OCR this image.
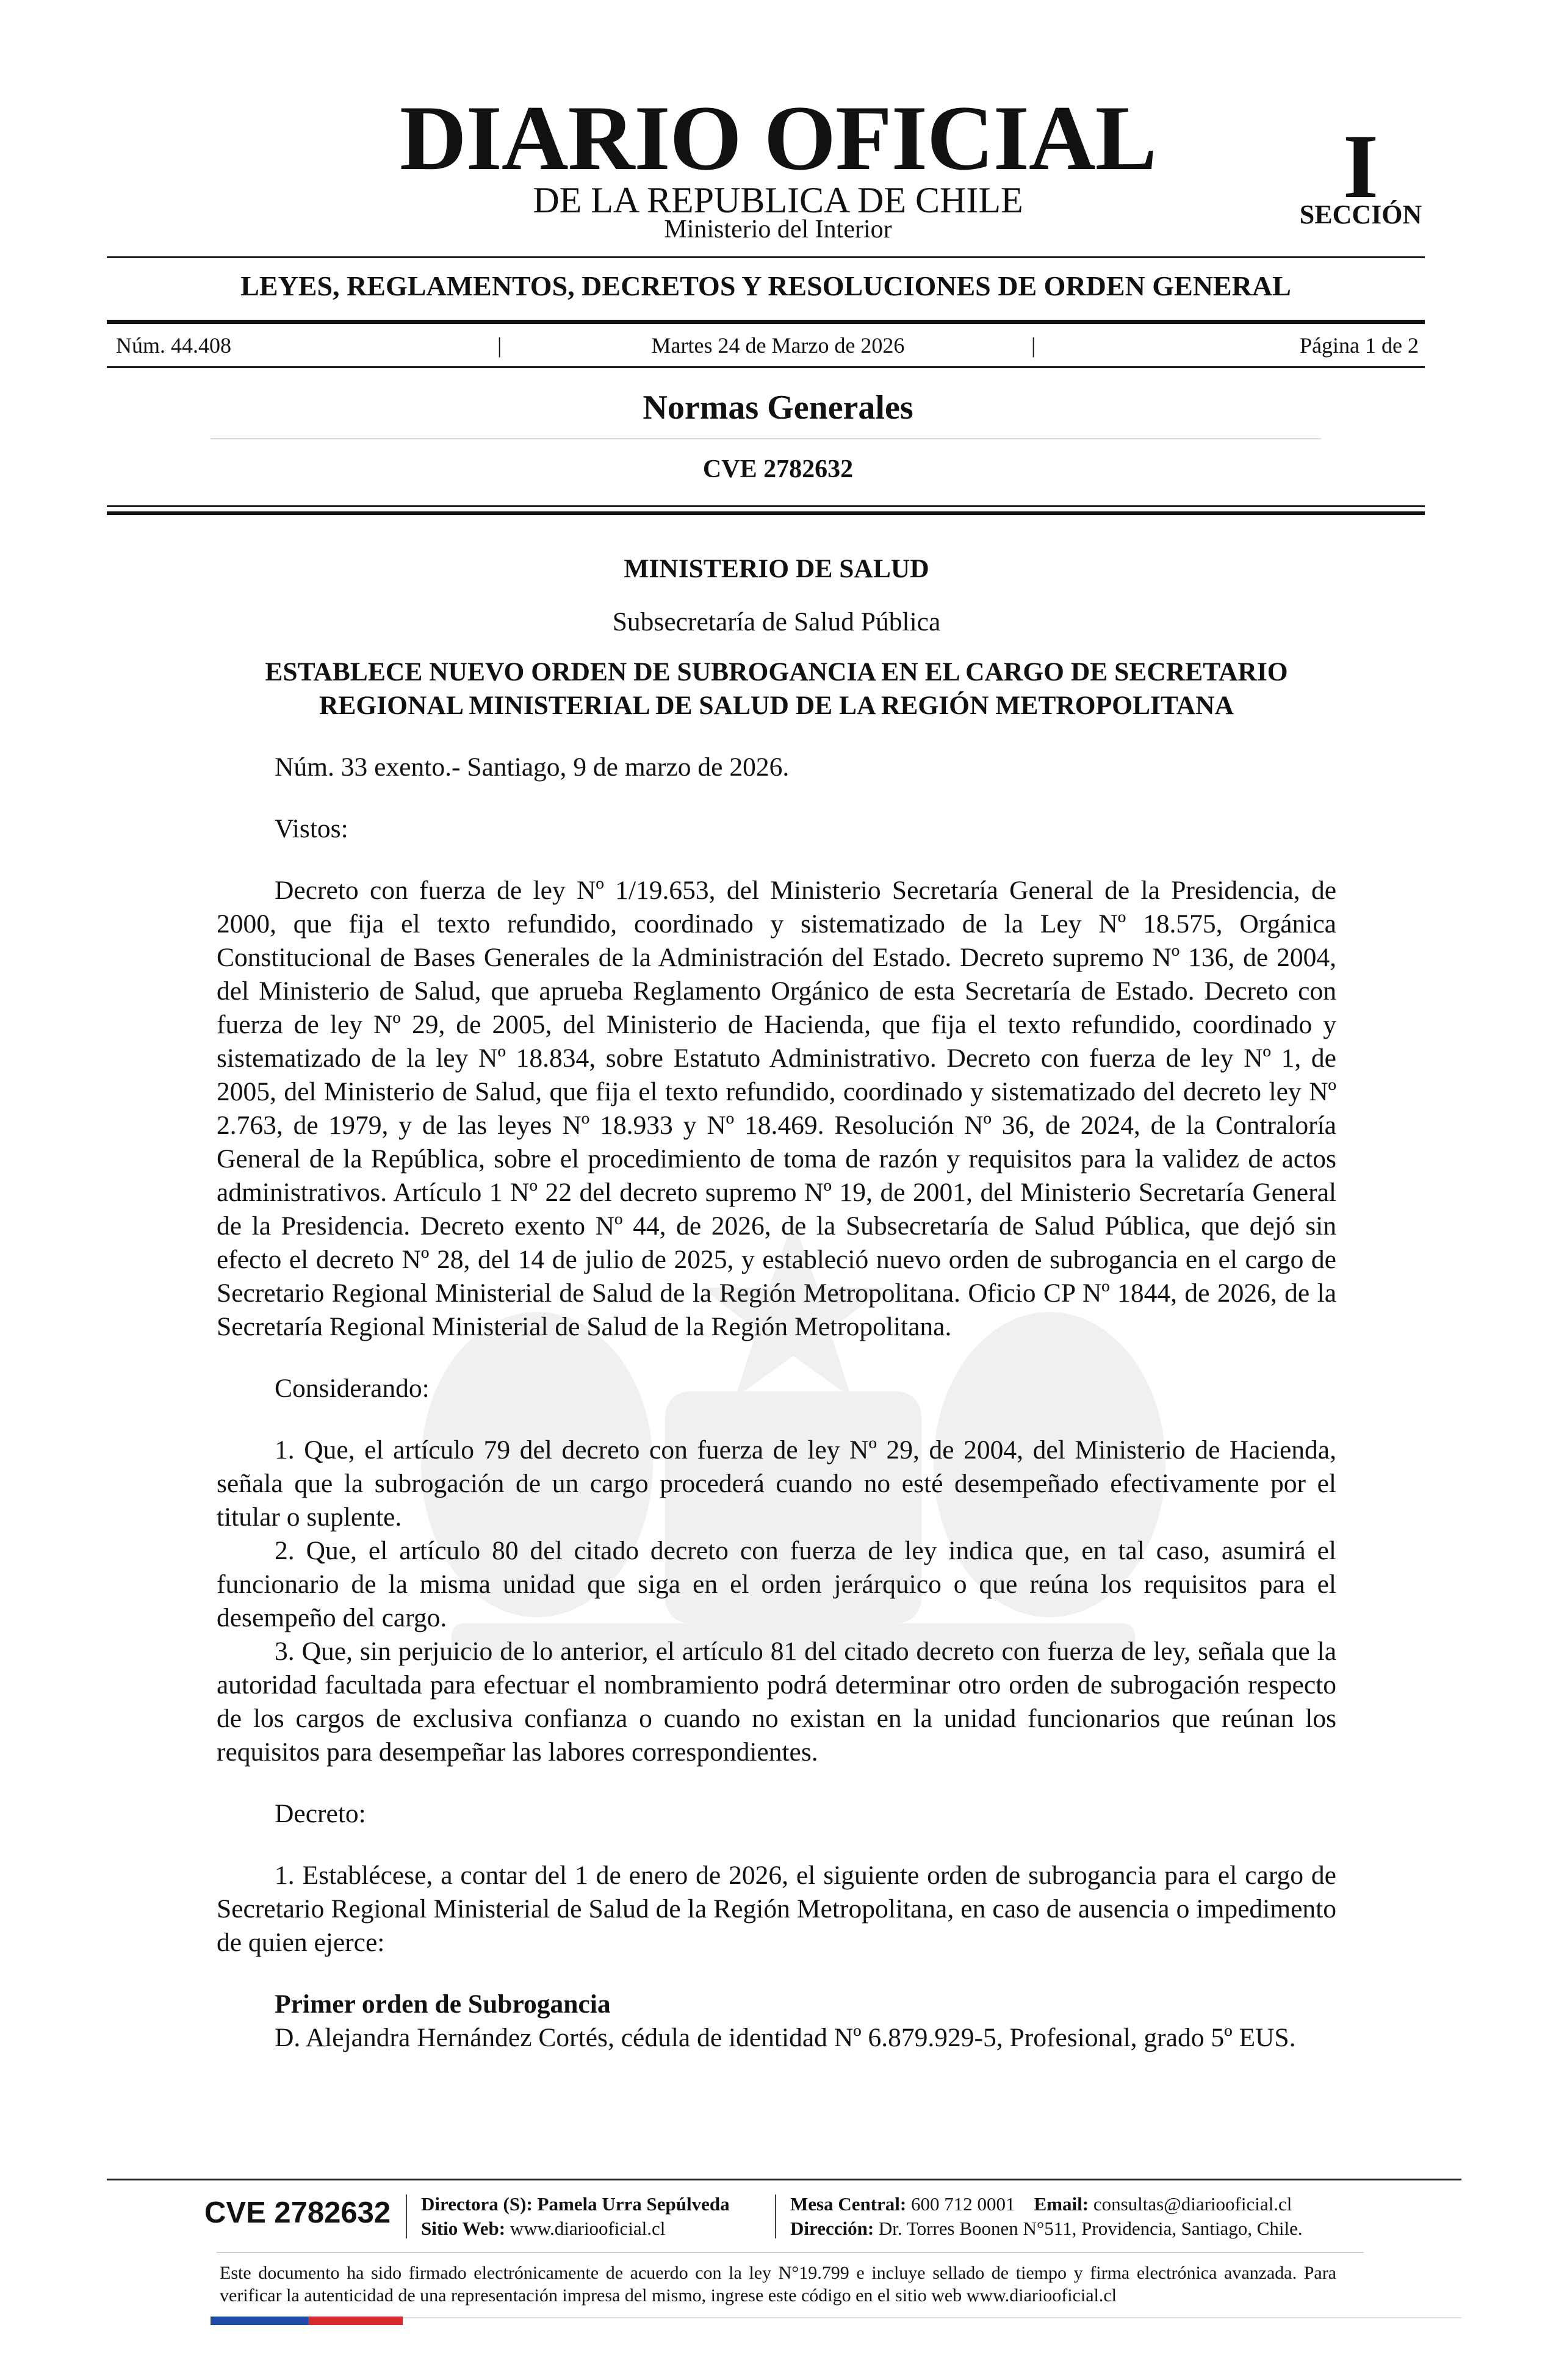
DIARIO OFICIAL
DE LA REPUBLICA DE CHILE
Ministerio del Interior
I
SECCIÓN
LEYES, REGLAMENTOS, DECRETOS Y RESOLUCIONES DE ORDEN GENERAL
Núm. 44.408	|	Martes 24 de Marzo de 2026	|	Página 1 de 2
Normas Generales
CVE 2782632

MINISTERIO DE SALUD

Subsecretaría de Salud Pública

ESTABLECE NUEVO ORDEN DE SUBROGANCIA EN EL CARGO DE SECRETARIO

REGIONAL MINISTERIAL DE SALUD DE LA REGIÓN METROPOLITANA

Núm. 33 exento.- Santiago, 9 de marzo de 2026.

Vistos:

Decreto con fuerza de ley Nº 1/19.653, del Ministerio Secretaría General de la Presidencia, de 2000, que fija el texto refundido, coordinado y sistematizado de la Ley Nº 18.575, Orgánica Constitucional de Bases Generales de la Administración del Estado. Decreto supremo Nº 136, de 2004, del Ministerio de Salud, que aprueba Reglamento Orgánico de esta Secretaría de Estado. Decreto con fuerza de ley Nº 29, de 2005, del Ministerio de Hacienda, que fija el texto refundido, coordinado y sistematizado de la ley Nº 18.834, sobre Estatuto Administrativo. Decreto con fuerza de ley Nº 1, de 2005, del Ministerio de Salud, que fija el texto refundido, coordinado y sistematizado del decreto ley Nº 2.763, de 1979, y de las leyes Nº 18.933 y Nº 18.469. Resolución Nº 36, de 2024, de la Contraloría General de la República, sobre el procedimiento de toma de razón y requisitos para la validez de actos administrativos. Artículo 1 Nº 22 del decreto supremo Nº 19, de 2001, del Ministerio Secretaría General de la Presidencia. Decreto exento Nº 44, de 2026, de la Subsecretaría de Salud Pública, que dejó sin efecto el decreto Nº 28, del 14 de julio de 2025, y estableció nuevo orden de subrogancia en el cargo de Secretario Regional Ministerial de Salud de la Región Metropolitana. Oficio CP Nº 1844, de 2026, de la Secretaría Regional Ministerial de Salud de la Región Metropolitana.

Considerando:

1. Que, el artículo 79 del decreto con fuerza de ley Nº 29, de 2004, del Ministerio de Hacienda, señala que la subrogación de un cargo procederá cuando no esté desempeñado efectivamente por el titular o suplente.

2. Que, el artículo 80 del citado decreto con fuerza de ley indica que, en tal caso, asumirá el funcionario de la misma unidad que siga en el orden jerárquico o que reúna los requisitos para el desempeño del cargo.

3. Que, sin perjuicio de lo anterior, el artículo 81 del citado decreto con fuerza de ley, señala que la autoridad facultada para efectuar el nombramiento podrá determinar otro orden de subrogación respecto de los cargos de exclusiva confianza o cuando no existan en la unidad funcionarios que reúnan los requisitos para desempeñar las labores correspondientes.

Decreto:

1. Establécese, a contar del 1 de enero de 2026, el siguiente orden de subrogancia para el cargo de Secretario Regional Ministerial de Salud de la Región Metropolitana, en caso de ausencia o impedimento de quien ejerce:

Primer orden de Subrogancia

D. Alejandra Hernández Cortés, cédula de identidad Nº 6.879.929-5, Profesional, grado 5º EUS.

CVE 2782632 Directora (S): Pamela Urra Sepúlveda
Sitio Web: www.diariooficial.cl
Mesa Central: 600 712 0001 Email: consultas@diariooficial.cl
Dirección: Dr. Torres Boonen N°511, Providencia, Santiago, Chile.
Este documento ha sido firmado electrónicamente de acuerdo con la ley N°19.799 e incluye sellado de tiempo y firma electrónica avanzada. Para verificar la autenticidad de una representación impresa del mismo, ingrese este código en el sitio web www.diariooficial.cl
